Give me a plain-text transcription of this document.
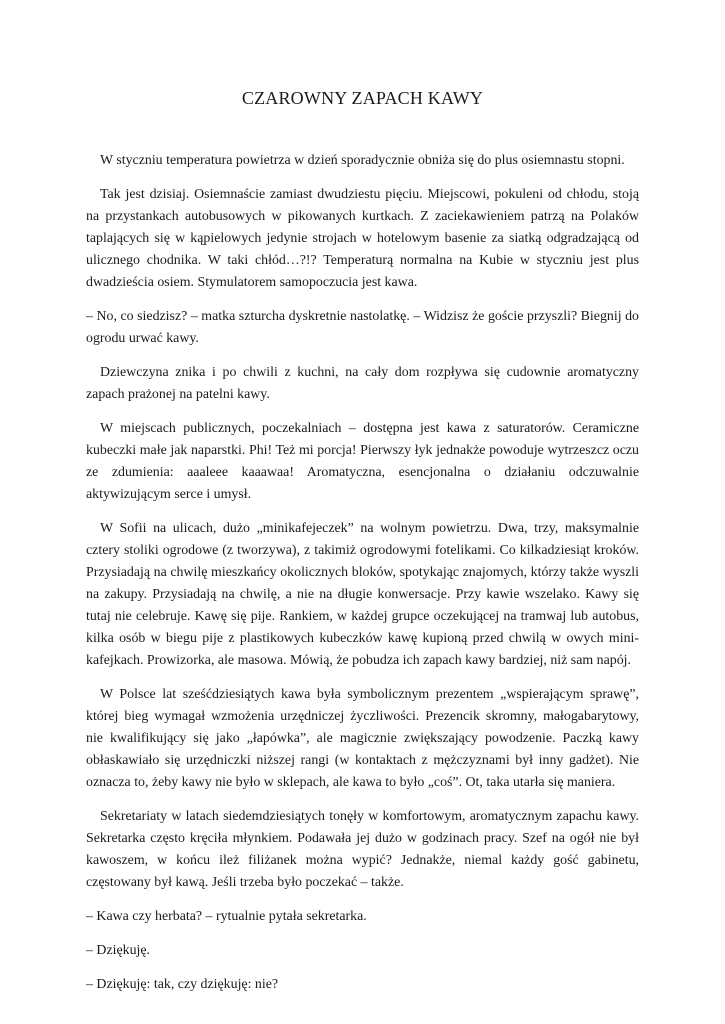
CZAROWNY ZAPACH KAWY

W styczniu temperatura powietrza w dzień sporadycznie obniża się do plus osiemnastu stopni.

Tak jest dzisiaj. Osiemnaście zamiast dwudziestu pięciu. Miejscowi, pokuleni od chłodu, stoją na przystankach autobusowych w pikowanych kurtkach. Z zaciekawieniem patrzą na Polaków taplających się w kąpielowych jedynie strojach w hotelowym basenie za siatką odgradzającą od ulicznego chodnika. W taki chłód…?!? Temperaturą normalna na Kubie w styczniu jest plus dwadzieścia osiem. Stymulatorem samopoczucia jest kawa.

– No, co siedzisz? – matka szturcha dyskretnie nastolatkę. – Widzisz że goście przyszli? Biegnij do ogrodu urwać kawy.

Dziewczyna znika i po chwili z kuchni, na cały dom rozpływa się cudownie aromatyczny zapach prażonej na patelni kawy.

W miejscach publicznych, poczekalniach – dostępna jest kawa z saturatorów. Ceramiczne kubeczki małe jak naparstki. Phi! Też mi porcja! Pierwszy łyk jednakże powoduje wytrzeszcz oczu ze zdumienia: aaaleee kaaawaa! Aromatyczna, esencjonalna o działaniu odczuwalnie aktywizującym serce i umysł.

W Sofii na ulicach, dużo „minikafejeczek” na wolnym powietrzu. Dwa, trzy, maksymalnie cztery stoliki ogrodowe (z tworzywa), z takimiż ogrodowymi fotelikami. Co kilkadziesiąt kroków. Przysiadają na chwilę mieszkańcy okolicznych bloków, spotykając znajomych, którzy także wyszli na zakupy. Przysiadają na chwilę, a nie na długie konwersacje. Przy kawie wszelako. Kawy się tutaj nie celebruje. Kawę się pije. Rankiem, w każdej grupce oczekującej na tramwaj lub autobus, kilka osób w biegu pije z plastikowych kubeczków kawę kupioną przed chwilą w owych mini-kafejkach. Prowizorka, ale masowa. Mówią, że pobudza ich zapach kawy bardziej, niż sam napój.

W Polsce lat sześćdziesiątych kawa była symbolicznym prezentem „wspierającym sprawę”, której bieg wymagał wzmożenia urzędniczej życzliwości. Prezencik skromny, małogabarytowy, nie kwalifikujący się jako „łapówka”, ale magicznie zwiększający powodzenie. Paczką kawy obłaskawiało się urzędniczki niższej rangi (w kontaktach z mężczyznami był inny gadżet). Nie oznacza to, żeby kawy nie było w sklepach, ale kawa to było „coś”. Ot, taka utarła się maniera.

Sekretariaty w latach siedemdziesiątych tonęły w komfortowym, aromatycznym zapachu kawy. Sekretarka często kręciła młynkiem. Podawała jej dużo w godzinach pracy. Szef na ogół nie był kawoszem, w końcu ileż filiżanek można wypić? Jednakże, niemal każdy gość gabinetu, częstowany był kawą. Jeśli trzeba było poczekać – także.

– Kawa czy herbata? – rytualnie pytała sekretarka.

– Dziękuję.

– Dziękuję: tak, czy dziękuję: nie?
